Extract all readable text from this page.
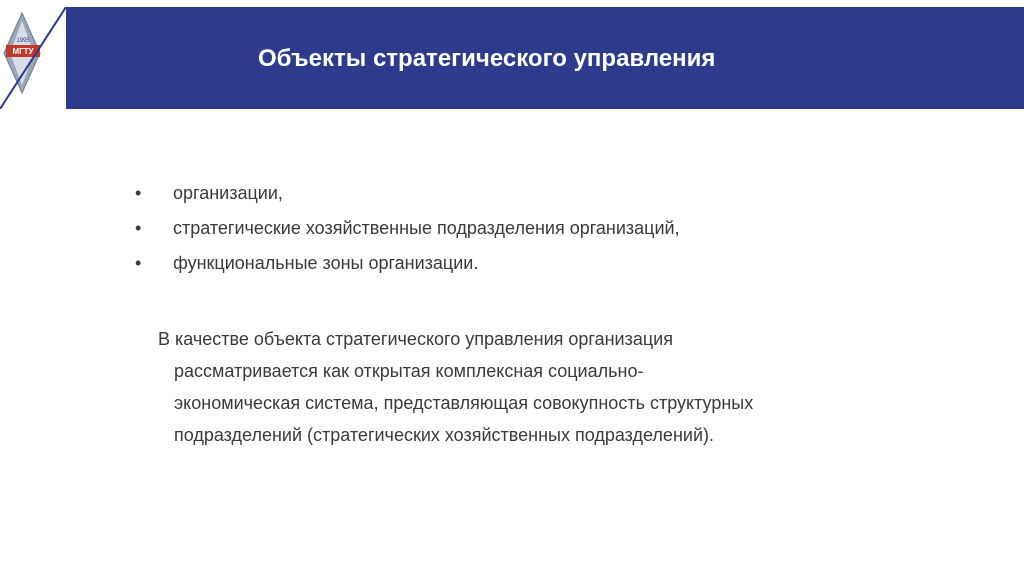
МГТУ
1995
Объекты стратегического управления
• организации,
• стратегические хозяйственные подразделения организаций,
• функциональные зоны организации.
В качестве объекта стратегического управления организация
рассматривается как открытая комплексная социально-
экономическая система, представляющая совокупность структурных
подразделений (стратегических хозяйственных подразделений).
